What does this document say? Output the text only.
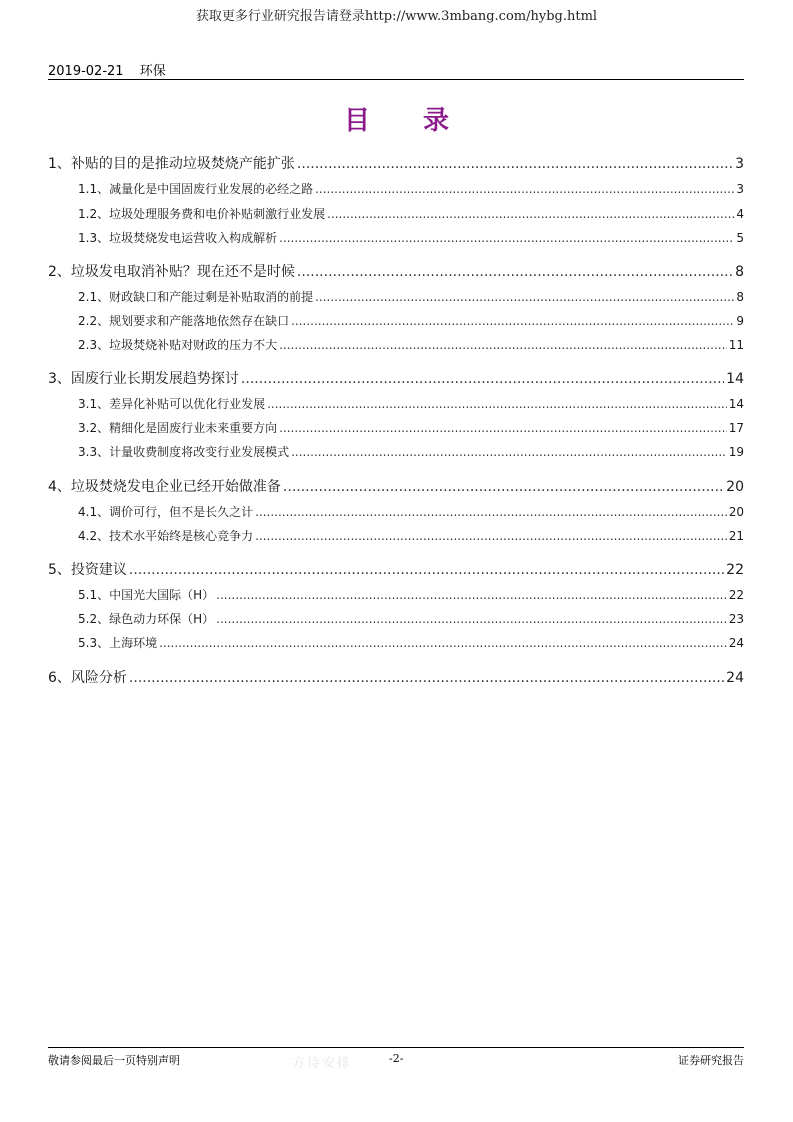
获取更多行业研究报告请登录http://www.3mbang.com/hybg.html
2019-02-21 环保
目 录
1、 补贴的目的是推动垃圾焚烧产能扩张 .....	3
1.1、 减量化是中国固废行业发展的必经之路 .....	3
1.2、 垃圾处理服务费和电价补贴刺激行业发展 .....	4
1.3、 垃圾焚烧发电运营收入构成解析 .....	5
2、 垃圾发电取消补贴？现在还不是时候 .....	8
2.1、 财政缺口和产能过剩是补贴取消的前提 .....	8
2.2、 规划要求和产能落地依然存在缺口 .....	9
2.3、 垃圾焚烧补贴对财政的压力不大 .....	11
3、 固废行业长期发展趋势探讨 .....	14
3.1、 差异化补贴可以优化行业发展 .....	14
3.2、 精细化是固废行业未来重要方向 .....	17
3.3、 计量收费制度将改变行业发展模式 .....	19
4、 垃圾焚烧发电企业已经开始做准备 .....	20
4.1、 调价可行，但不是长久之计 .....	20
4.2、 技术水平始终是核心竞争力 .....	21
5、 投资建议 .....	22
5.1、 中国光大国际（H） .....	22
5.2、 绿色动力环保（H） .....	23
5.3、 上海环境 .....	24
6、 风险分析 .....	24
敬请参阅最后一页特别声明	方诗安排	-2-	证券研究报告
